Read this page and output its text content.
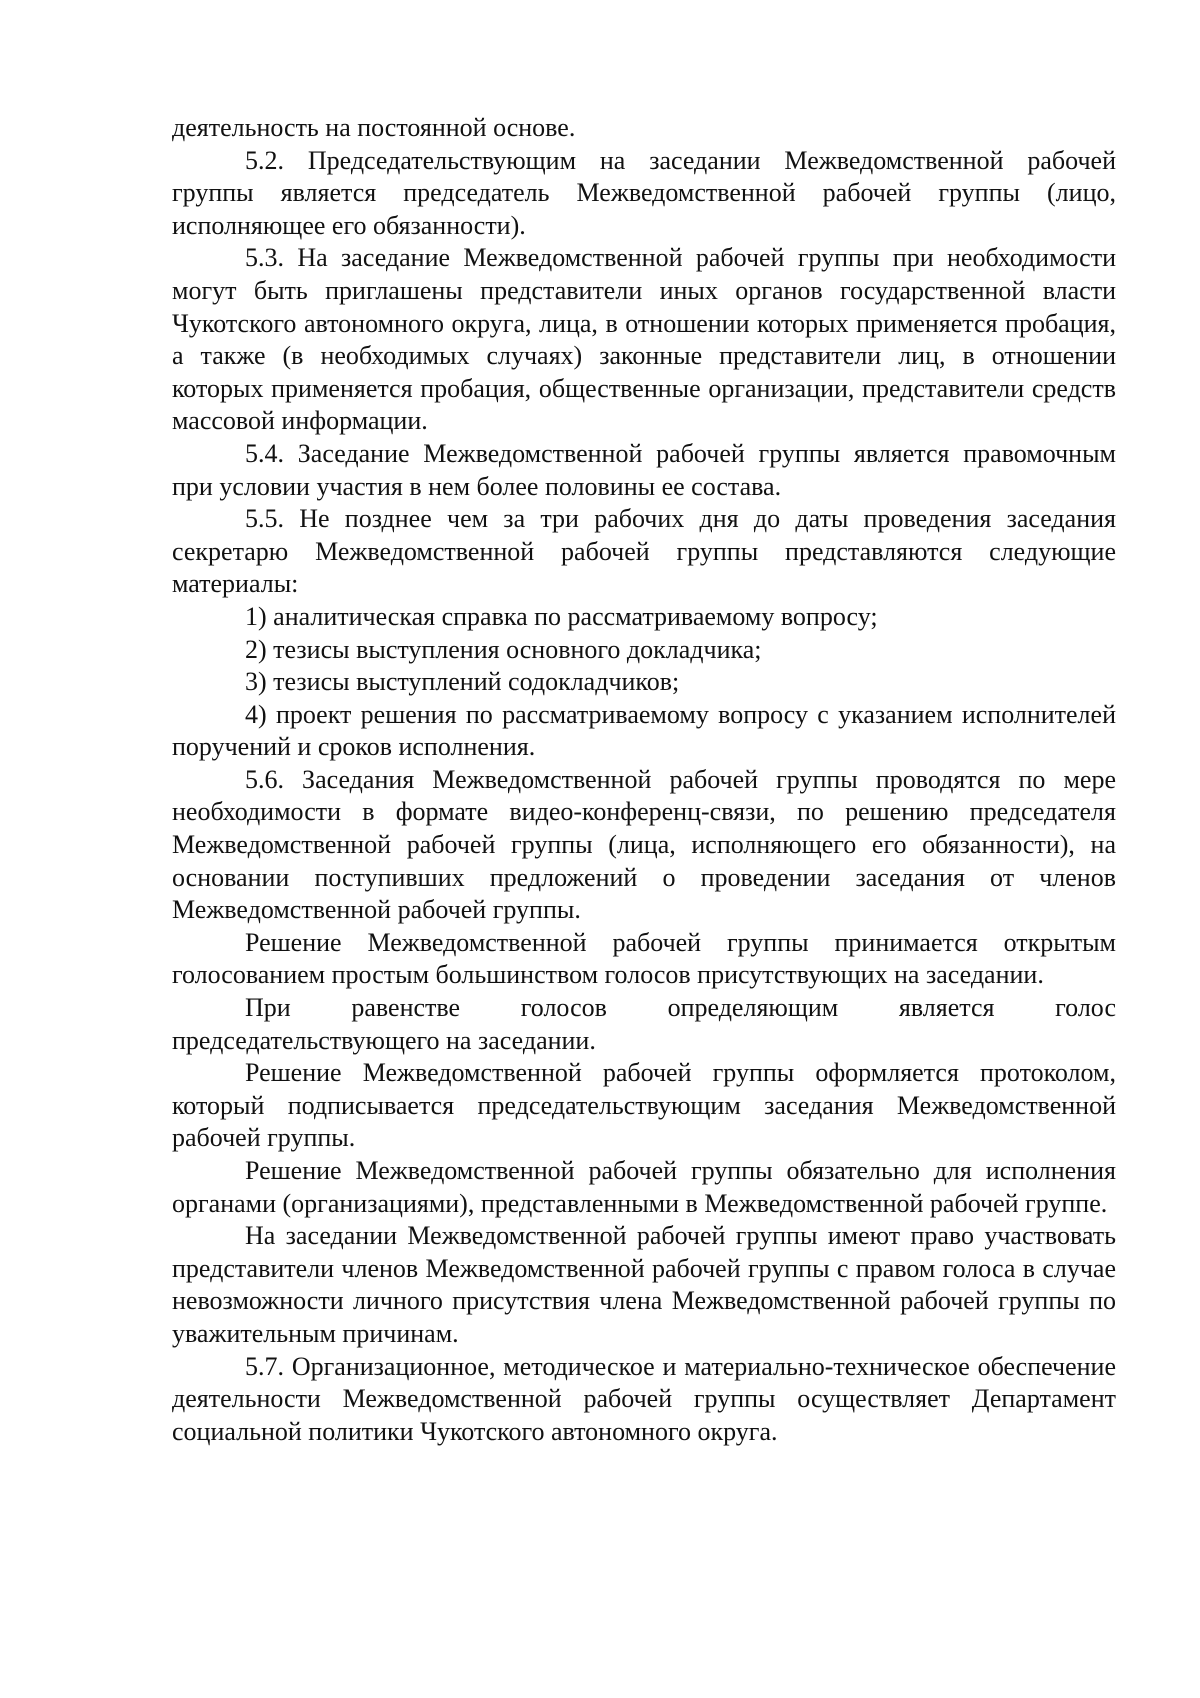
деятельность на постоянной основе.

5.2. Председательствующим на заседании Межведомственной рабочей группы является председатель Межведомственной рабочей группы (лицо, исполняющее его обязанности).

5.3. На заседание Межведомственной рабочей группы при необходимости могут быть приглашены представители иных органов государственной власти Чукотского автономного округа, лица, в отношении которых применяется пробация, а также (в необходимых случаях) законные представители лиц, в отношении которых применяется пробация, общественные организации, представители средств массовой информации.

5.4. Заседание Межведомственной рабочей группы является правомочным при условии участия в нем более половины ее состава.

5.5. Не позднее чем за три рабочих дня до даты проведения заседания секретарю Межведомственной рабочей группы представляются следующие материалы:

1) аналитическая справка по рассматриваемому вопросу;

2) тезисы выступления основного докладчика;

3) тезисы выступлений содокладчиков;

4) проект решения по рассматриваемому вопросу с указанием исполнителей поручений и сроков исполнения.

5.6. Заседания Межведомственной рабочей группы проводятся по мере необходимости в формате видео-конференц-связи, по решению председателя Межведомственной рабочей группы (лица, исполняющего его обязанности), на основании поступивших предложений о проведении заседания от членов Межведомственной рабочей группы.

Решение Межведомственной рабочей группы принимается открытым голосованием простым большинством голосов присутствующих на заседании.

При равенстве голосов определяющим является голос председательствующего на заседании.

Решение Межведомственной рабочей группы оформляется протоколом, который подписывается председательствующим заседания Межведомственной рабочей группы.

Решение Межведомственной рабочей группы обязательно для исполнения органами (организациями), представленными в Межведомственной рабочей группе.

На заседании Межведомственной рабочей группы имеют право участвовать представители членов Межведомственной рабочей группы с правом голоса в случае невозможности личного присутствия члена Межведомственной рабочей группы по уважительным причинам.

5.7. Организационное, методическое и материально-техническое обеспечение деятельности Межведомственной рабочей группы осуществляет Департамент социальной политики Чукотского автономного округа.
